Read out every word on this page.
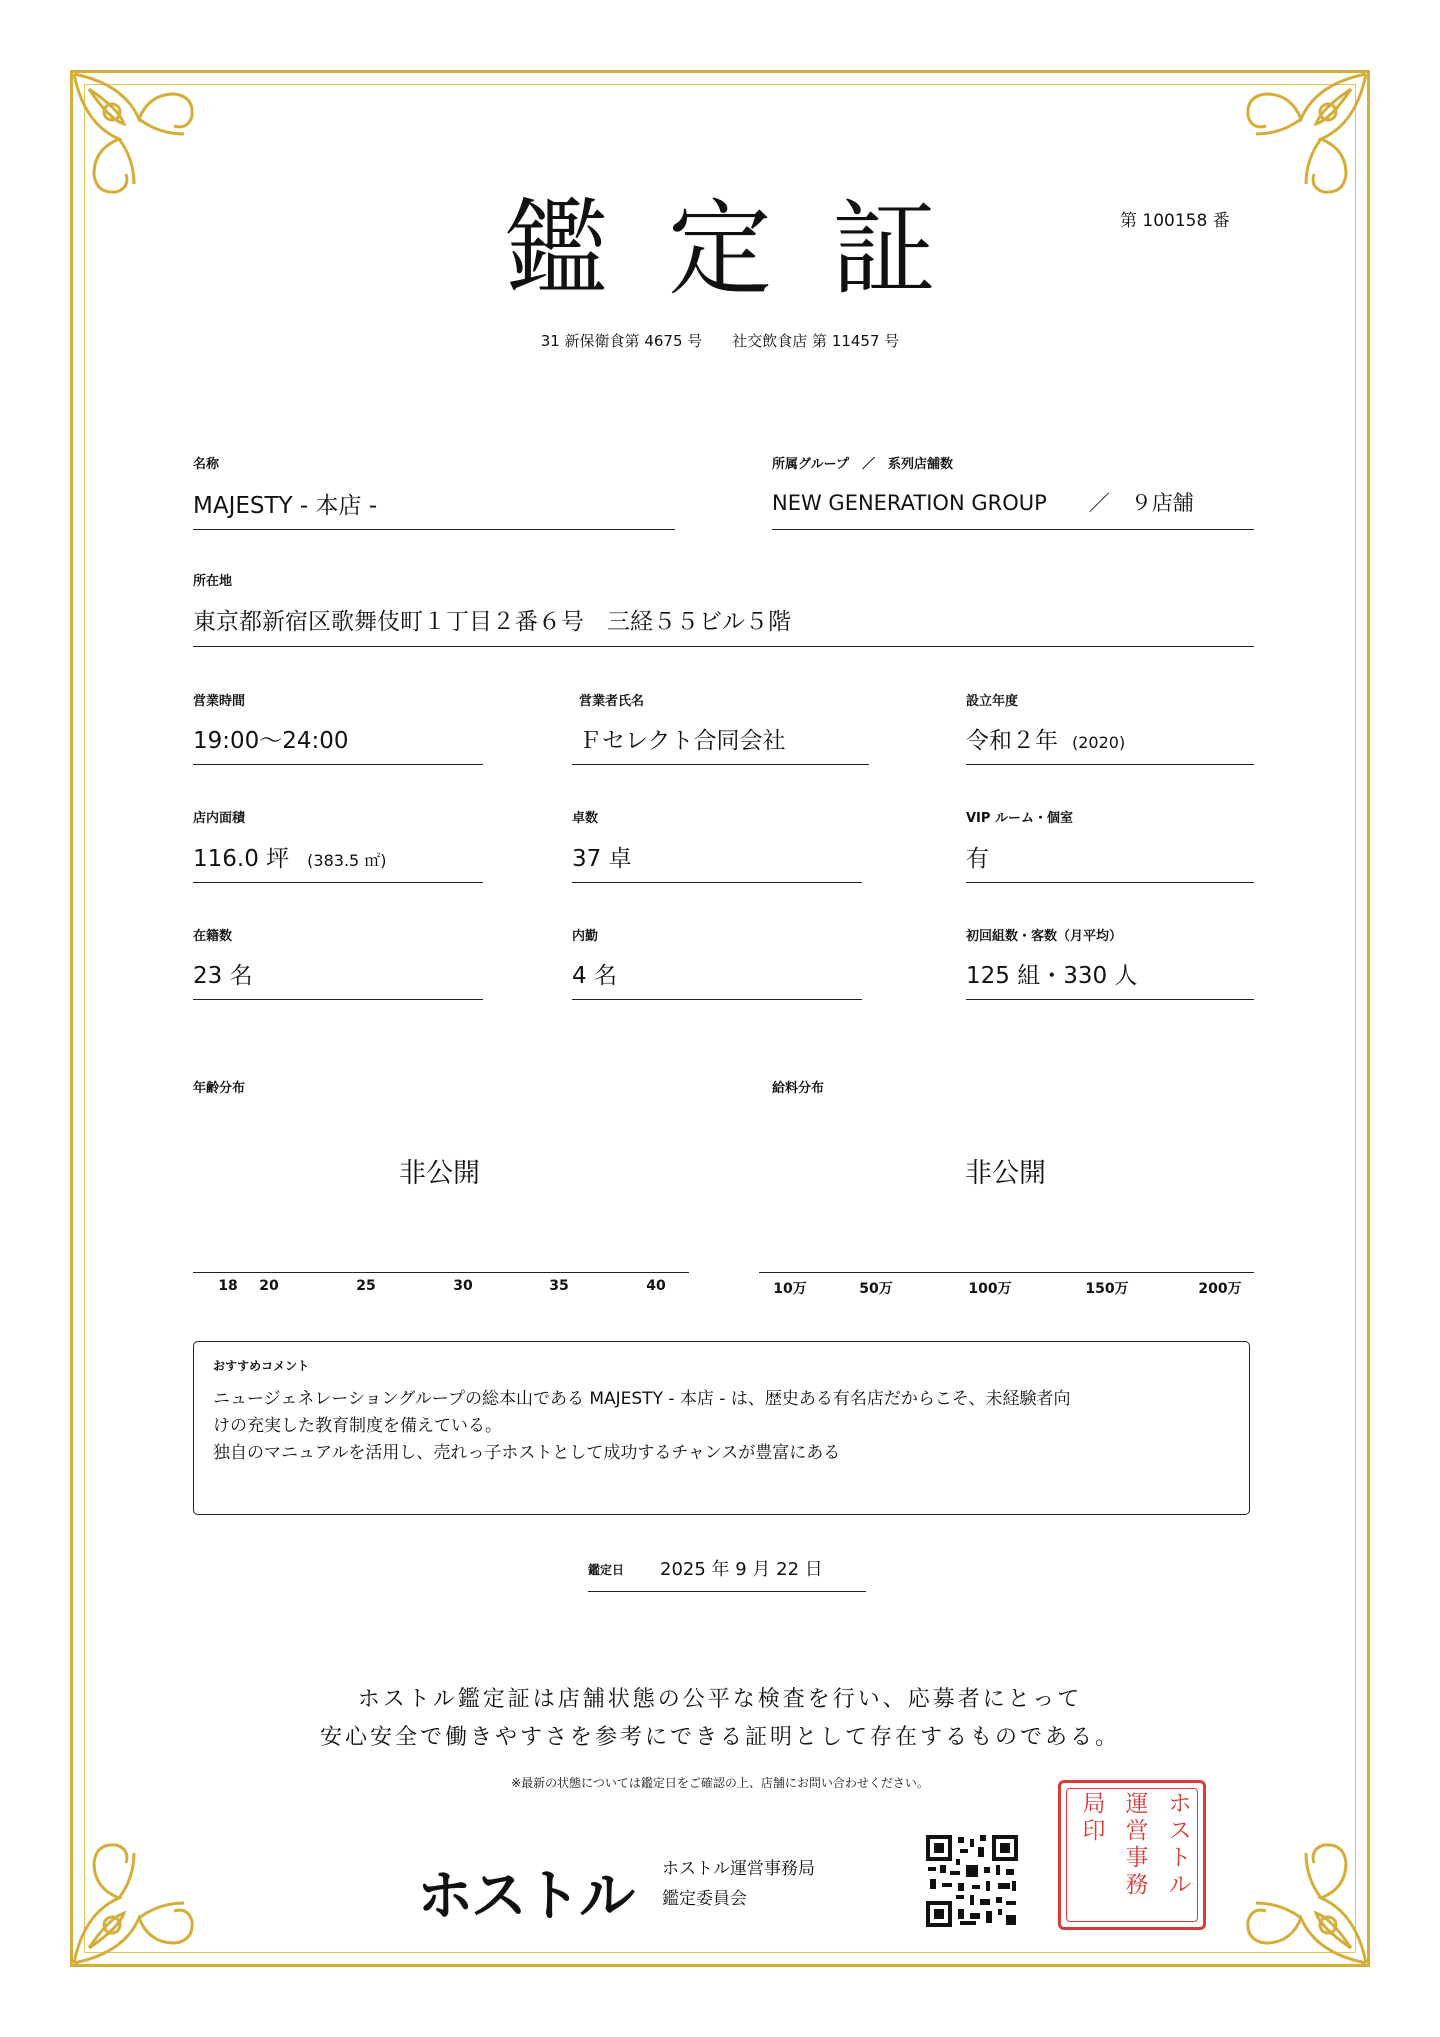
鑑定証	第 100158 番
31 新保衛食第 4675 号　　社交飲食店 第 11457 号
名称
MAJESTY - 本店 -
所属グループ　／　系列店舗数
NEW GENERATION GROUP　　／　９店舗
所在地
東京都新宿区歌舞伎町１丁目２番６号　三経５５ビル５階
営業時間
19:00〜24:00
営業者氏名
Ｆセレクト合同会社
設立年度
令和２年 (2020)
店内面積
116.0 坪 (383.5 ㎡)
卓数
37 卓
VIP ルーム・個室
有
在籍数
23 名
内勤
4 名
初回組数・客数（月平均）
125 組・330 人
年齢分布
非公開
18 20	25	30	35	40
給料分布
非公開
10万	50万	100万	150万	200万
おすすめコメント
ニュージェネレーショングループの総本山である MAJESTY - 本店 - は、歴史ある有名店だからこそ、未経験者向
けの充実した教育制度を備えている。
独自のマニュアルを活用し、売れっ子ホストとして成功するチャンスが豊富にある
鑑定日 2025 年 9 月 22 日
ホストル鑑定証は店舗状態の公平な検査を行い、応募者にとって
安心安全で働きやすさを参考にできる証明として存在するものである。
※最新の状態については鑑定日をご確認の上、店舗にお問い合わせください。
ホストル ホストル運営事務局
鑑定委員会
ホ
ス
ト
ル
運
営
事
務
局
印
